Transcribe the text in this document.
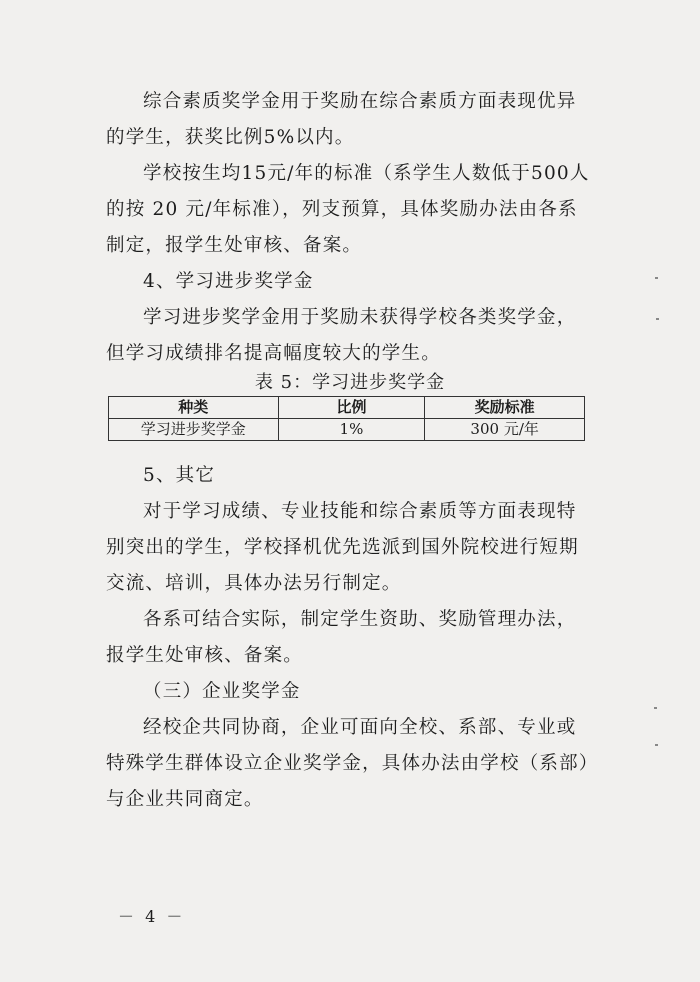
综合素质奖学金用于奖励在综合素质方面表现优异的学生，获奖比例5%以内。

学校按生均15元/年的标准（系学生人数低于500人的按 20 元/年标准），列支预算，具体奖励办法由各系制定，报学生处审核、备案。

4、学习进步奖学金

学习进步奖学金用于奖励未获得学校各类奖学金，但学习成绩排名提高幅度较大的学生。

表 5：学习进步奖学金
种类	比例	奖励标准
学习进步奖学金	1%	300 元/年

5、其它

对于学习成绩、专业技能和综合素质等方面表现特别突出的学生，学校择机优先选派到国外院校进行短期交流、培训，具体办法另行制定。

各系可结合实际，制定学生资助、奖励管理办法，报学生处审核、备案。

（三）企业奖学金

经校企共同协商，企业可面向全校、系部、专业或特殊学生群体设立企业奖学金，具体办法由学校（系部）与企业共同商定。

－ 4 －
